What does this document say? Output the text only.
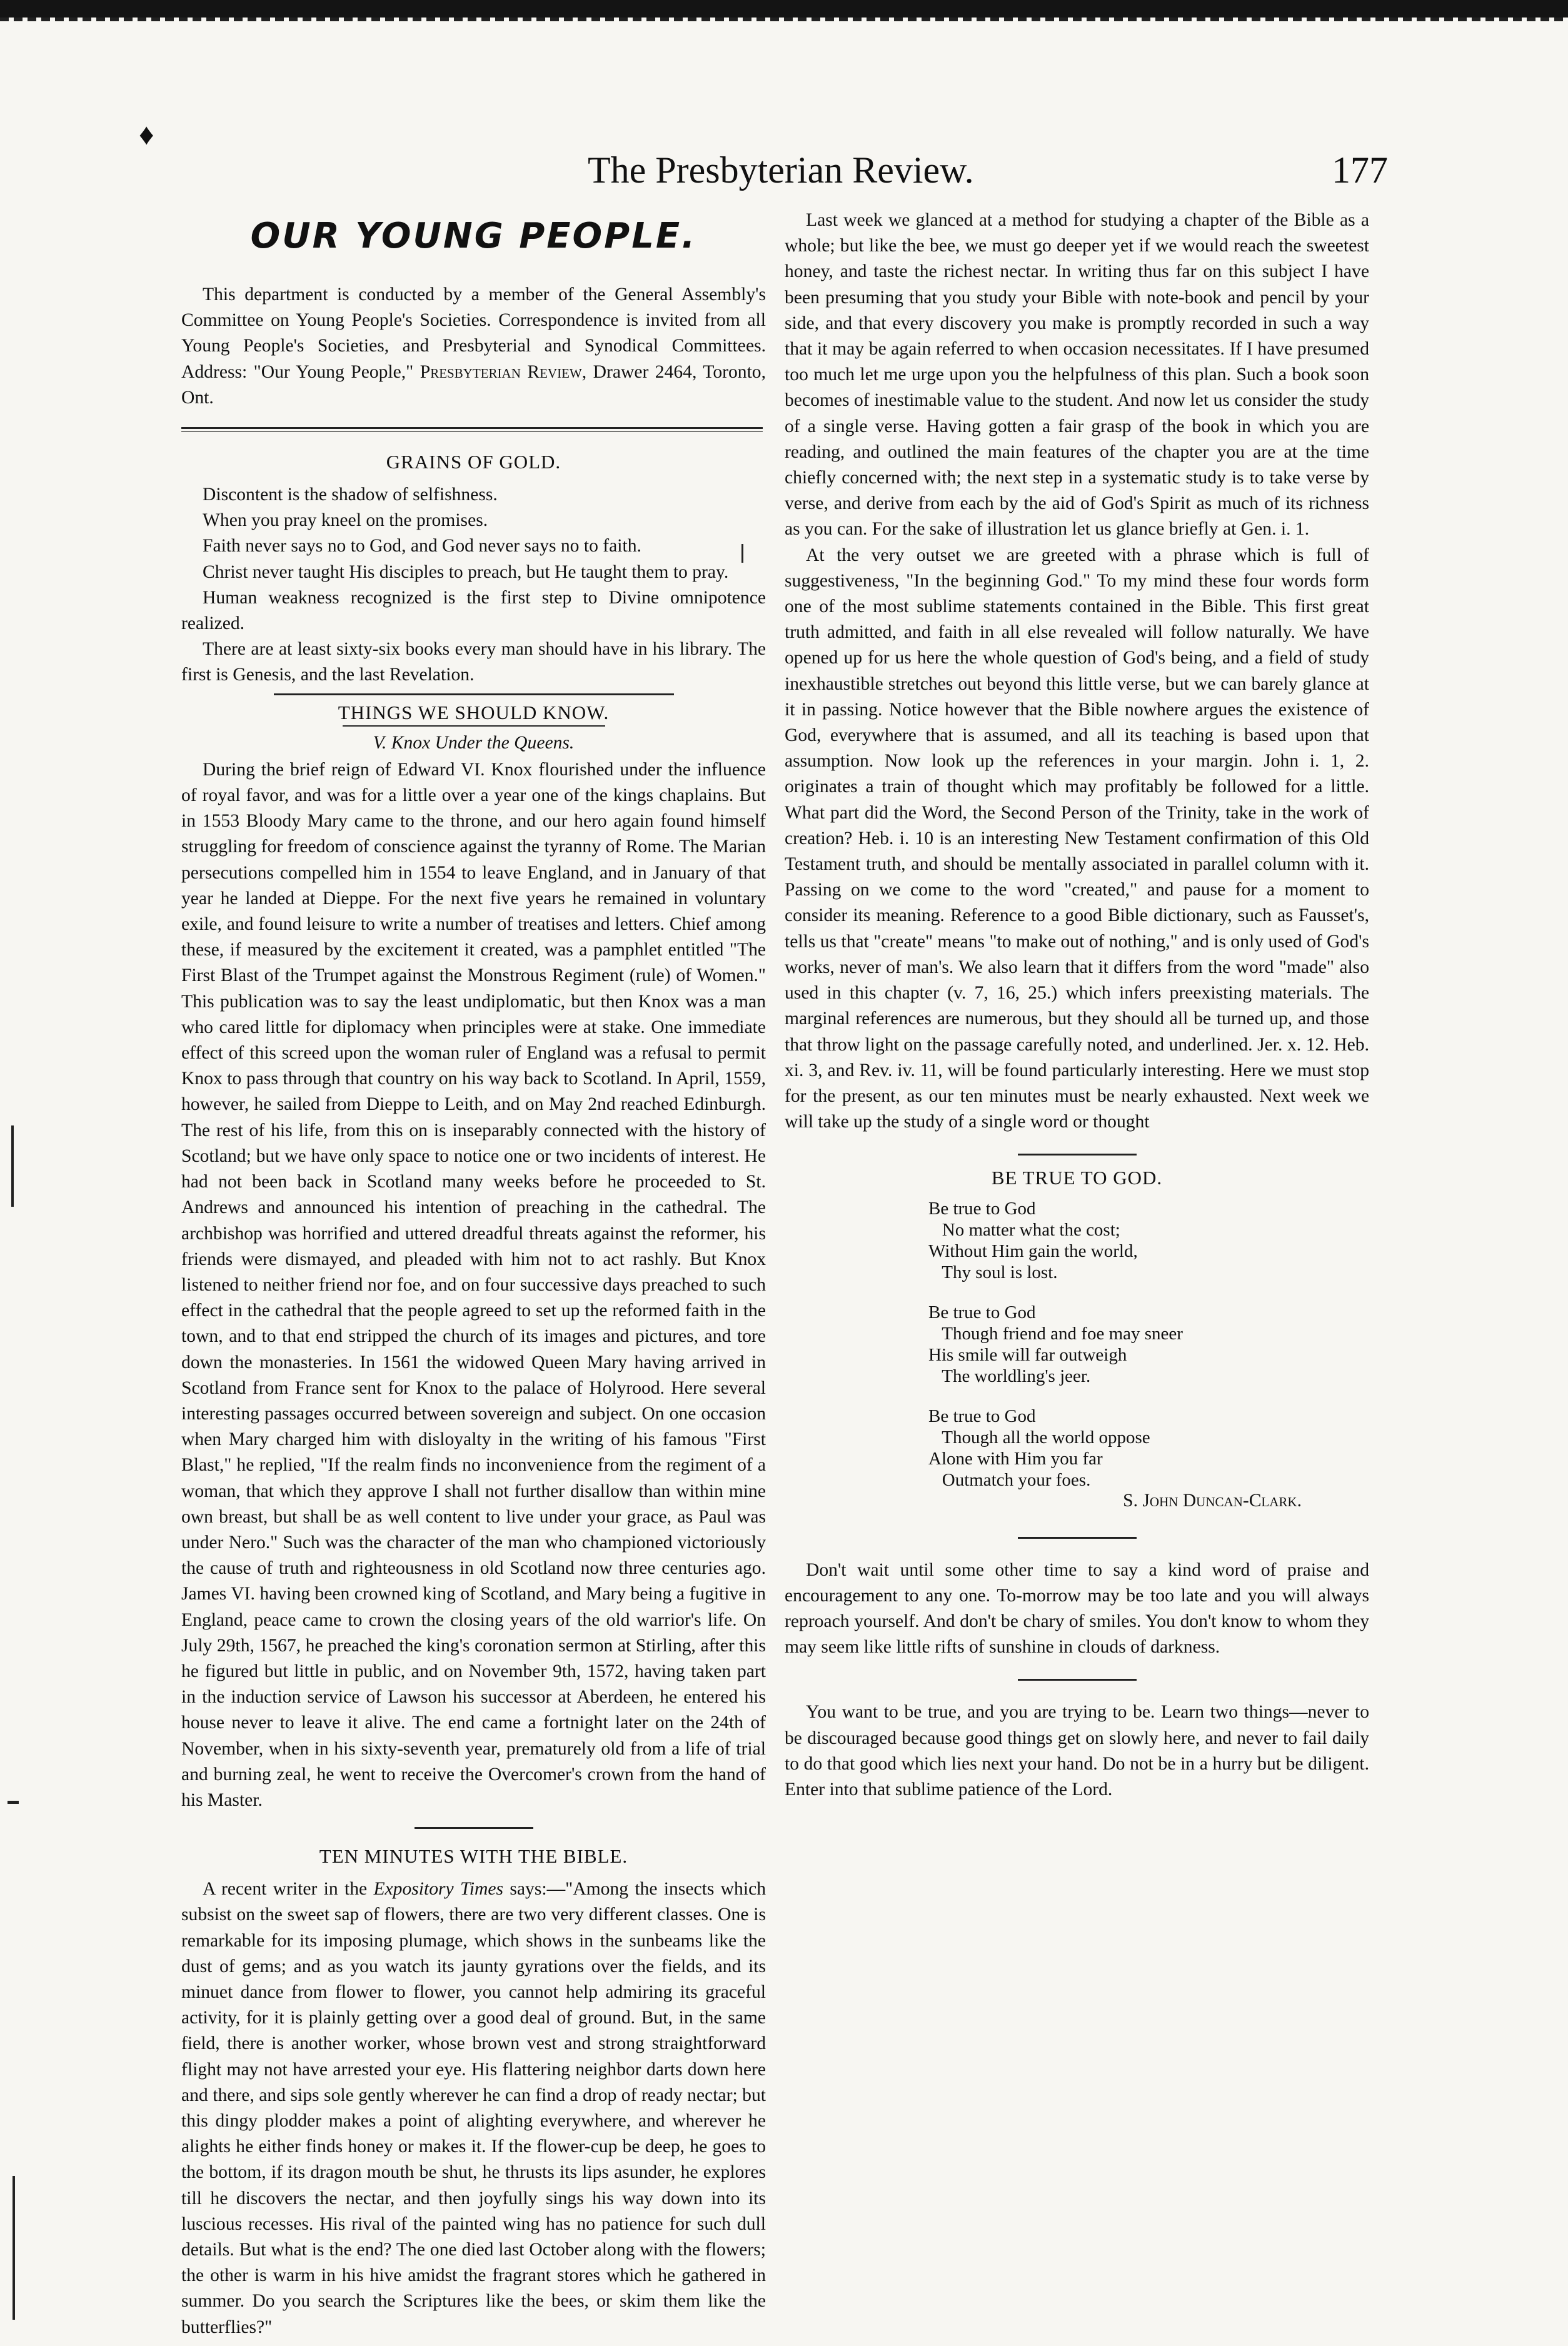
♦
The Presbyterian Review.	177
OUR YOUNG PEOPLE.

This department is conducted by a member of the General Assembly's Committee on Young People's Societies. Correspondence is invited from all Young People's Societies, and Presbyterial and Synodical Committees. Address: "Our Young People," Presbyterian Review, Drawer 2464, Toronto, Ont.

GRAINS OF GOLD.

Discontent is the shadow of selfishness.

When you pray kneel on the promises.

Faith never says no to God, and God never says no to faith.

Christ never taught His disciples to preach, but He taught them to pray.

Human weakness recognized is the first step to Divine omnipotence realized.

There are at least sixty-six books every man should have in his library. The first is Genesis, and the last Revelation.

THINGS WE SHOULD KNOW.
V. Knox Under the Queens.

During the brief reign of Edward VI. Knox flourished under the influence of royal favor, and was for a little over a year one of the kings chaplains. But in 1553 Bloody Mary came to the throne, and our hero again found himself struggling for freedom of conscience against the tyranny of Rome. The Marian persecutions compelled him in 1554 to leave England, and in January of that year he landed at Dieppe. For the next five years he remained in voluntary exile, and found leisure to write a number of treatises and letters. Chief among these, if measured by the excitement it created, was a pamphlet entitled "The First Blast of the Trumpet against the Monstrous Regiment (rule) of Women." This publication was to say the least undiplomatic, but then Knox was a man who cared little for diplomacy when principles were at stake. One immediate effect of this screed upon the woman ruler of England was a refusal to permit Knox to pass through that country on his way back to Scotland. In April, 1559, however, he sailed from Dieppe to Leith, and on May 2nd reached Edinburgh. The rest of his life, from this on is inseparably connected with the history of Scotland; but we have only space to notice one or two incidents of interest. He had not been back in Scotland many weeks before he proceeded to St. Andrews and announced his intention of preaching in the cathedral. The archbishop was horrified and uttered dreadful threats against the reformer, his friends were dismayed, and pleaded with him not to act rashly. But Knox listened to neither friend nor foe, and on four successive days preached to such effect in the cathedral that the people agreed to set up the reformed faith in the town, and to that end stripped the church of its images and pictures, and tore down the monasteries. In 1561 the widowed Queen Mary having arrived in Scotland from France sent for Knox to the palace of Holyrood. Here several interesting passages occurred between sovereign and subject. On one occasion when Mary charged him with disloyalty in the writing of his famous "First Blast," he replied, "If the realm finds no inconvenience from the regiment of a woman, that which they approve I shall not further disallow than within mine own breast, but shall be as well content to live under your grace, as Paul was under Nero." Such was the character of the man who championed victoriously the cause of truth and righteousness in old Scotland now three centuries ago. James VI. having been crowned king of Scotland, and Mary being a fugitive in England, peace came to crown the closing years of the old warrior's life. On July 29th, 1567, he preached the king's coronation sermon at Stirling, after this he figured but little in public, and on November 9th, 1572, having taken part in the induction service of Lawson his successor at Aberdeen, he entered his house never to leave it alive. The end came a fortnight later on the 24th of November, when in his sixty-seventh year, prematurely old from a life of trial and burning zeal, he went to receive the Overcomer's crown from the hand of his Master.

TEN MINUTES WITH THE BIBLE.

A recent writer in the Expository Times says:—"Among the insects which subsist on the sweet sap of flowers, there are two very different classes. One is remarkable for its imposing plumage, which shows in the sunbeams like the dust of gems; and as you watch its jaunty gyrations over the fields, and its minuet dance from flower to flower, you cannot help admiring its graceful activity, for it is plainly getting over a good deal of ground. But, in the same field, there is another worker, whose brown vest and strong straightforward flight may not have arrested your eye. His flattering neighbor darts down here and there, and sips sole gently wherever he can find a drop of ready nectar; but this dingy plodder makes a point of alighting everywhere, and wherever he alights he either finds honey or makes it. If the flower-cup be deep, he goes to the bottom, if its dragon mouth be shut, he thrusts its lips asunder, he explores till he discovers the nectar, and then joyfully sings his way down into its luscious recesses. His rival of the painted wing has no patience for such dull details. But what is the end? The one died last October along with the flowers; the other is warm in his hive amidst the fragrant stores which he gathered in summer. Do you search the Scriptures like the bees, or skim them like the butterflies?"

Last week we glanced at a method for studying a chapter of the Bible as a whole; but like the bee, we must go deeper yet if we would reach the sweetest honey, and taste the richest nectar. In writing thus far on this subject I have been presuming that you study your Bible with note-book and pencil by your side, and that every discovery you make is promptly recorded in such a way that it may be again referred to when occasion necessitates. If I have presumed too much let me urge upon you the helpfulness of this plan. Such a book soon becomes of inestimable value to the student. And now let us consider the study of a single verse. Having gotten a fair grasp of the book in which you are reading, and outlined the main features of the chapter you are at the time chiefly concerned with; the next step in a systematic study is to take verse by verse, and derive from each by the aid of God's Spirit as much of its richness as you can. For the sake of illustration let us glance briefly at Gen. i. 1.

At the very outset we are greeted with a phrase which is full of suggestiveness, "In the beginning God." To my mind these four words form one of the most sublime statements contained in the Bible. This first great truth admitted, and faith in all else revealed will follow naturally. We have opened up for us here the whole question of God's being, and a field of study inexhaustible stretches out beyond this little verse, but we can barely glance at it in passing. Notice however that the Bible nowhere argues the existence of God, everywhere that is assumed, and all its teaching is based upon that assumption. Now look up the references in your margin. John i. 1, 2. originates a train of thought which may profitably be followed for a little. What part did the Word, the Second Person of the Trinity, take in the work of creation? Heb. i. 10 is an interesting New Testament confirmation of this Old Testament truth, and should be mentally associated in parallel column with it. Passing on we come to the word "created," and pause for a moment to consider its meaning. Reference to a good Bible dictionary, such as Fausset's, tells us that "create" means "to make out of nothing," and is only used of God's works, never of man's. We also learn that it differs from the word "made" also used in this chapter (v. 7, 16, 25.) which infers preexisting materials. The marginal references are numerous, but they should all be turned up, and those that throw light on the passage carefully noted, and underlined. Jer. x. 12. Heb. xi. 3, and Rev. iv. 11, will be found particularly interesting. Here we must stop for the present, as our ten minutes must be nearly exhausted. Next week we will take up the study of a single word or thought

BE TRUE TO GOD.
Be true to God
No matter what the cost;
Without Him gain the world,
Thy soul is lost.
Be true to God
Though friend and foe may sneer
His smile will far outweigh
The worldling's jeer.
Be true to God
Though all the world oppose
Alone with Him you far
Outmatch your foes.
S. John Duncan-Clark.

Don't wait until some other time to say a kind word of praise and encouragement to any one. To-morrow may be too late and you will always reproach yourself. And don't be chary of smiles. You don't know to whom they may seem like little rifts of sunshine in clouds of darkness.

You want to be true, and you are trying to be. Learn two things—never to be discouraged because good things get on slowly here, and never to fail daily to do that good which lies next your hand. Do not be in a hurry but be diligent. Enter into that sublime patience of the Lord.
